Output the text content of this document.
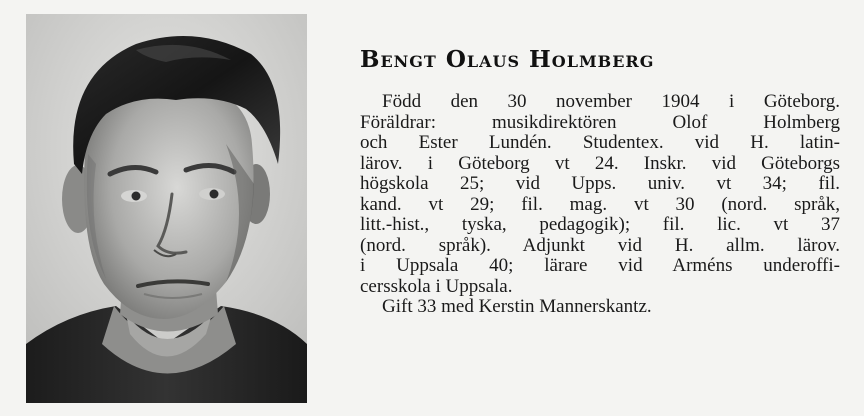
Bengt Olaus Holmberg
Född den 30 november 1904 i Göteborg.
Föräldrar: musikdirektören Olof Holmberg
och Ester Lundén. Studentex. vid H. latin-
lärov. i Göteborg vt 24. Inskr. vid Göteborgs
högskola 25; vid Upps. univ. vt 34; fil.
kand. vt 29; fil. mag. vt 30 (nord. språk,
litt.-hist., tyska, pedagogik); fil. lic. vt 37
(nord. språk). Adjunkt vid H. allm. lärov.
i Uppsala 40; lärare vid Arméns underoffi-
cersskola i Uppsala.
Gift 33 med Kerstin Mannerskantz.
